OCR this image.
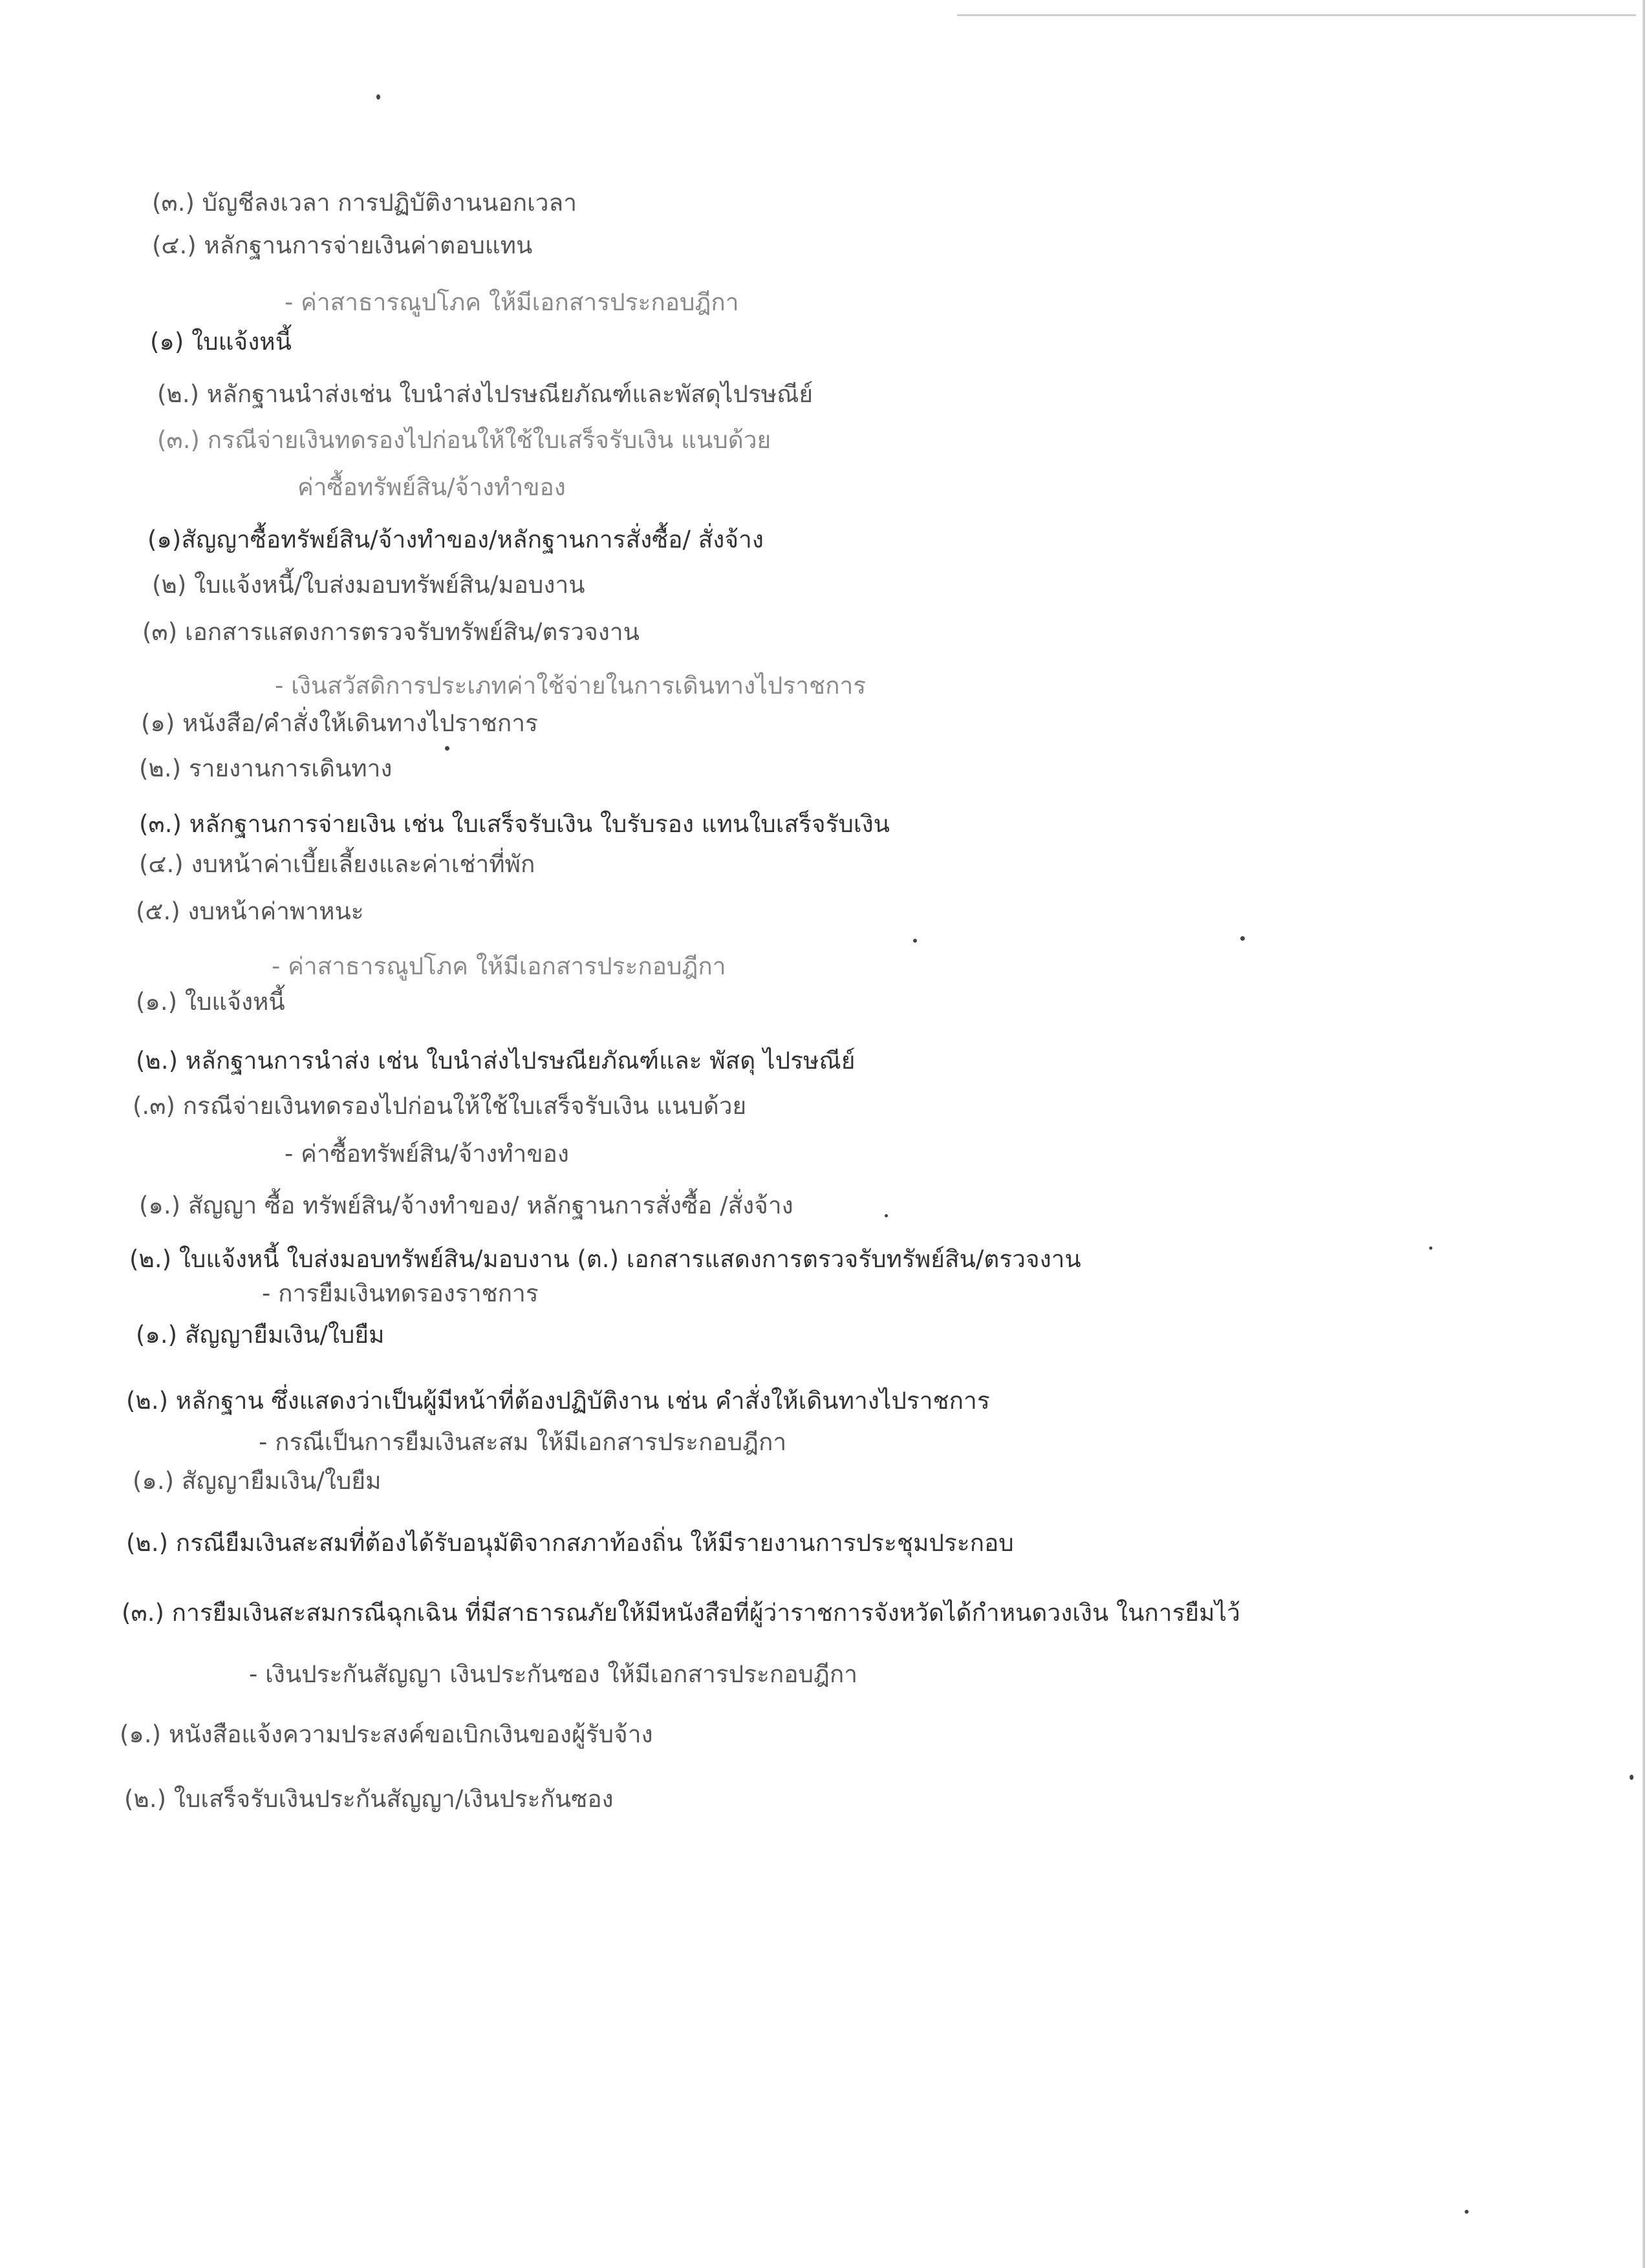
(๓.) บัญชีลงเวลา การปฏิบัติงานนอกเวลา
(๔.) หลักฐานการจ่ายเงินค่าตอบแทน
- ค่าสาธารณูปโภค ให้มีเอกสารประกอบฎีกา
(๑) ใบแจ้งหนี้
(๒.) หลักฐานนำส่งเช่น ใบนำส่งไปรษณียภัณฑ์และพัสดุไปรษณีย์
(๓.) กรณีจ่ายเงินทดรองไปก่อนให้ใช้ใบเสร็จรับเงิน แนบด้วย
ค่าซื้อทรัพย์สิน/จ้างทำของ
(๑)สัญญาซื้อทรัพย์สิน/จ้างทำของ/หลักฐานการสั่งซื้อ/ สั่งจ้าง
(๒) ใบแจ้งหนี้/ใบส่งมอบทรัพย์สิน/มอบงาน
(๓) เอกสารแสดงการตรวจรับทรัพย์สิน/ตรวจงาน
- เงินสวัสดิการประเภทค่าใช้จ่ายในการเดินทางไปราชการ
(๑) หนังสือ/คำสั่งให้เดินทางไปราชการ
(๒.) รายงานการเดินทาง
(๓.) หลักฐานการจ่ายเงิน เช่น ใบเสร็จรับเงิน ใบรับรอง แทนใบเสร็จรับเงิน
(๔.) งบหน้าค่าเบี้ยเลี้ยงและค่าเช่าที่พัก
(๕.) งบหน้าค่าพาหนะ
- ค่าสาธารณูปโภค ให้มีเอกสารประกอบฎีกา
(๑.) ใบแจ้งหนี้
(๒.) หลักฐานการนำส่ง เช่น ใบนำส่งไปรษณียภัณฑ์และ พัสดุ ไปรษณีย์
(.๓) กรณีจ่ายเงินทดรองไปก่อนให้ใช้ใบเสร็จรับเงิน แนบด้วย
- ค่าซื้อทรัพย์สิน/จ้างทำของ
(๑.) สัญญา ซื้อ ทรัพย์สิน/จ้างทำของ/ หลักฐานการสั่งซื้อ /สั่งจ้าง
(๒.) ใบแจ้งหนี้ ใบส่งมอบทรัพย์สิน/มอบงาน (ต.) เอกสารแสดงการตรวจรับทรัพย์สิน/ตรวจงาน
- การยืมเงินทดรองราชการ
(๑.) สัญญายืมเงิน/ใบยืม
(๒.) หลักฐาน ซึ่งแสดงว่าเป็นผู้มีหน้าที่ต้องปฏิบัติงาน เช่น คำสั่งให้เดินทางไปราชการ
- กรณีเป็นการยืมเงินสะสม ให้มีเอกสารประกอบฎีกา
(๑.) สัญญายืมเงิน/ใบยืม
(๒.) กรณียืมเงินสะสมที่ต้องได้รับอนุมัติจากสภาท้องถิ่น ให้มีรายงานการประชุมประกอบ
(๓.) การยืมเงินสะสมกรณีฉุกเฉิน ที่มีสาธารณภัยให้มีหนังสือที่ผู้ว่าราชการจังหวัดได้กำหนดวงเงิน ในการยืมไว้
- เงินประกันสัญญา เงินประกันซอง ให้มีเอกสารประกอบฎีกา
(๑.) หนังสือแจ้งความประสงค์ขอเบิกเงินของผู้รับจ้าง
(๒.) ใบเสร็จรับเงินประกันสัญญา/เงินประกันซอง
